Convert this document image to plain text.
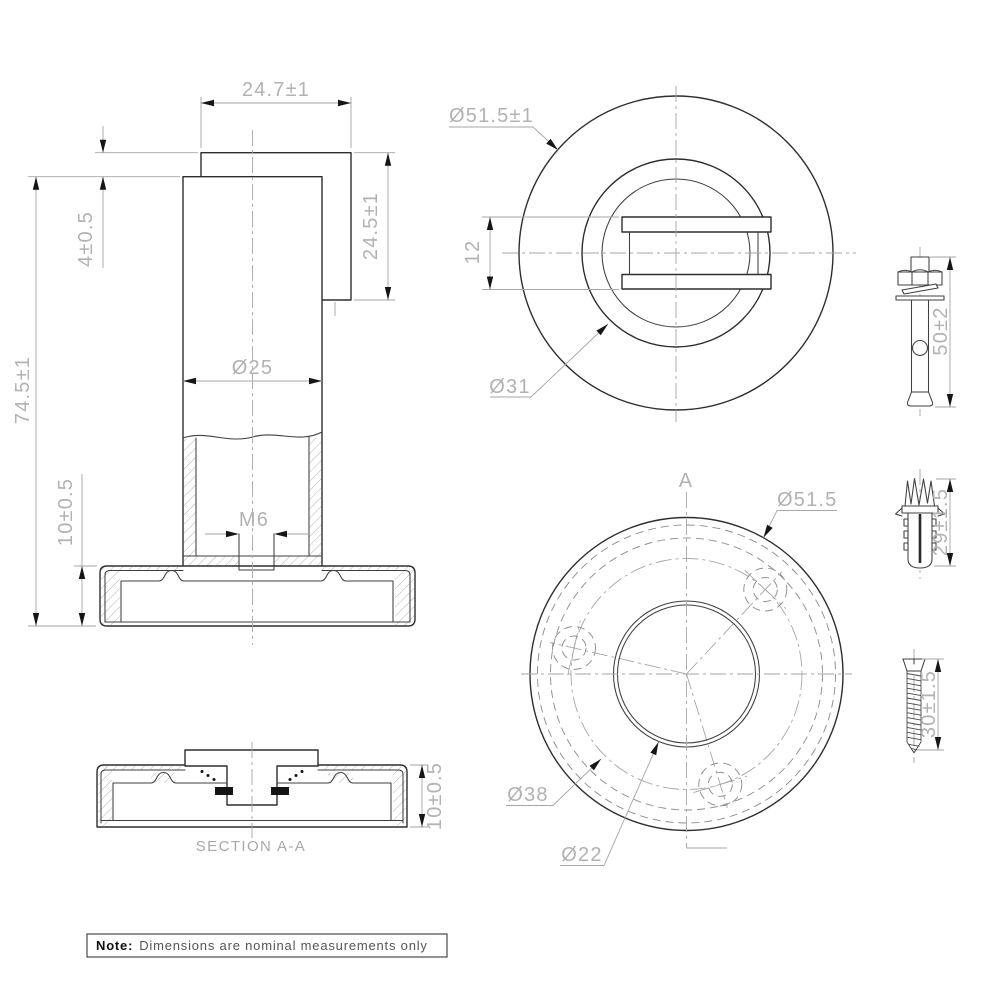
24.7±1
4±0.5	24.5±1
74.5±1
10±0.5
Ø25
M6
12
Ø51.5±1
Ø31
A
Ø51.5
Ø38
Ø22
10±0.5
SECTION A-A
50±2
29±1.5
30±1.5
Note: Dimensions are nominal measurements only
